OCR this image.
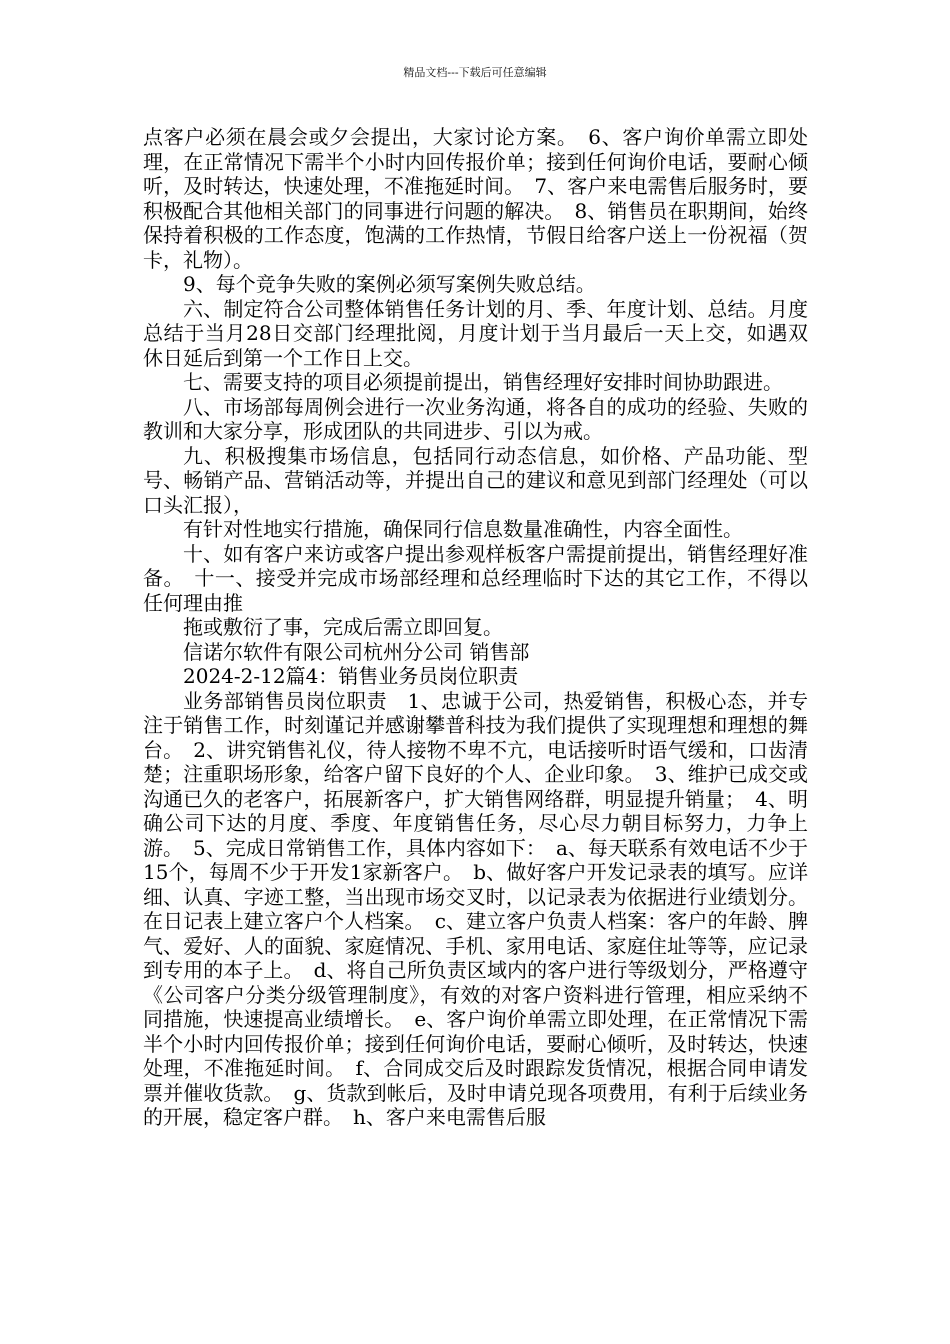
精品文档---下载后可任意编辑

点客户必须在晨会或夕会提出，大家讨论方案。　6、客户询价单需立即处理，在正常情况下需半个小时内回传报价单；接到任何询价电话，要耐心倾听，及时转达，快速处理，不准拖延时间。　7、客户来电需售后服务时，要积极配合其他相关部门的同事进行问题的解决。　8、销售员在职期间，始终保持着积极的工作态度，饱满的工作热情，节假日给客户送上一份祝福（贺卡，礼物）。

9、每个竞争失败的案例必须写案例失败总结。

六、制定符合公司整体销售任务计划的月、季、年度计划、总结。月度总结于当月28日交部门经理批阅，月度计划于当月最后一天上交，如遇双休日延后到第一个工作日上交。

七、需要支持的项目必须提前提出，销售经理好安排时间协助跟进。

八、市场部每周例会进行一次业务沟通，将各自的成功的经验、失败的教训和大家分享，形成团队的共同进步、引以为戒。

九、积极搜集市场信息，包括同行动态信息，如价格、产品功能、型号、畅销产品、营销活动等，并提出自己的建议和意见到部门经理处（可以口头汇报），

有针对性地实行措施，确保同行信息数量准确性，内容全面性。

十、如有客户来访或客户提出参观样板客户需提前提出，销售经理好准备。　十一、接受并完成市场部经理和总经理临时下达的其它工作，不得以任何理由推

拖或敷衍了事，完成后需立即回复。

信诺尔软件有限公司杭州分公司 销售部

2024-2-12篇4：销售业务员岗位职责

业务部销售员岗位职责　1、忠诚于公司，热爱销售，积极心态，并专注于销售工作，时刻谨记并感谢攀普科技为我们提供了实现理想和理想的舞台。　2、讲究销售礼仪，待人接物不卑不亢，电话接听时语气缓和，口齿清楚；注重职场形象，给客户留下良好的个人、企业印象。　3、维护已成交或沟通已久的老客户，拓展新客户，扩大销售网络群，明显提升销量；　4、明确公司下达的月度、季度、年度销售任务，尽心尽力朝目标努力，力争上游。　5、完成日常销售工作，具体内容如下：　a、每天联系有效电话不少于15个，每周不少于开发1家新客户。　b、做好客户开发记录表的填写。应详细、认真、字迹工整，当出现市场交叉时，以记录表为依据进行业绩划分。在日记表上建立客户个人档案。　c、建立客户负责人档案：客户的年龄、脾气、爱好、人的面貌、家庭情况、手机、家用电话、家庭住址等等，应记录到专用的本子上。　d、将自己所负责区域内的客户进行等级划分，严格遵守《公司客户分类分级管理制度》，有效的对客户资料进行管理，相应采纳不同措施，快速提高业绩增长。　e、客户询价单需立即处理，在正常情况下需半个小时内回传报价单；接到任何询价电话，要耐心倾听，及时转达，快速处理，不准拖延时间。　f、合同成交后及时跟踪发货情况，根据合同申请发票并催收货款。　g、货款到帐后，及时申请兑现各项费用，有利于后续业务的开展，稳定客户群。　h、客户来电需售后服
